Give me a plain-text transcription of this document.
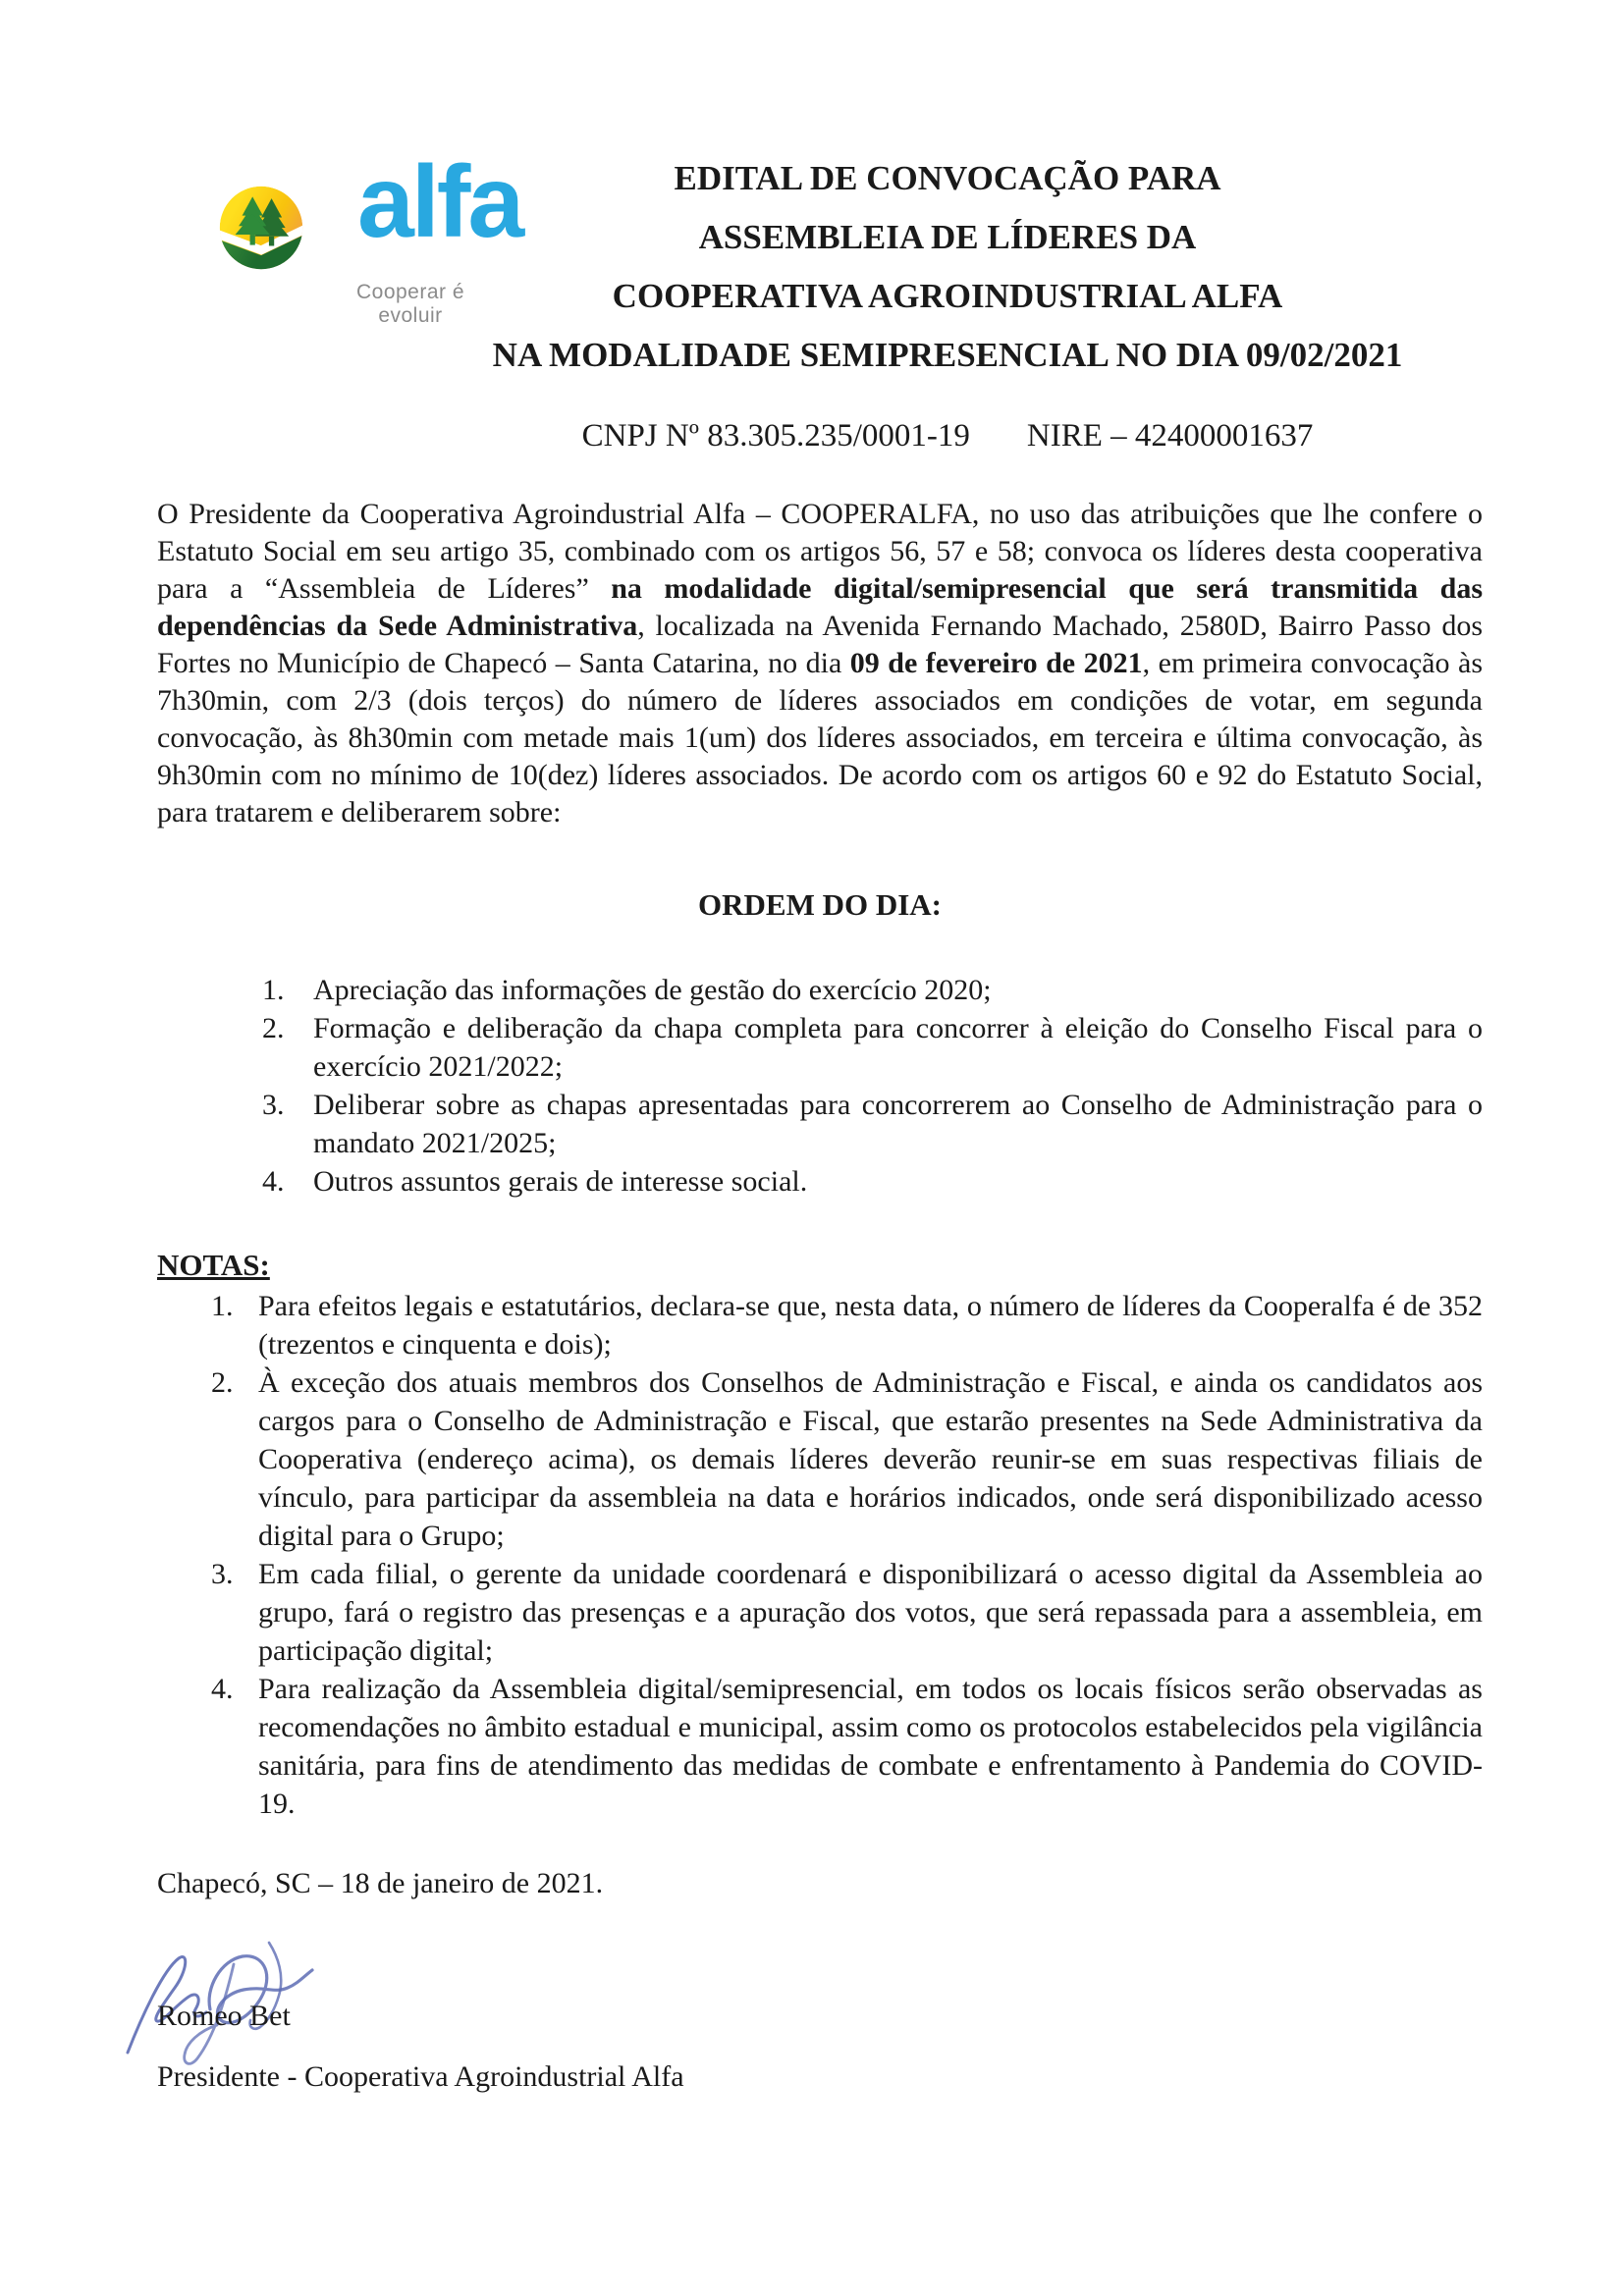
alfa
Cooperar é evoluir
EDITAL DE CONVOCAÇÃO PARA
ASSEMBLEIA DE LÍDERES DA
COOPERATIVA AGROINDUSTRIAL ALFA
NA MODALIDADE SEMIPRESENCIAL NO DIA 09/02/2021
CNPJ Nº 83.305.235/0001-19 NIRE – 42400001637

O Presidente da Cooperativa Agroindustrial Alfa – COOPERALFA, no uso das atribuições que lhe confere o Estatuto Social em seu artigo 35, combinado com os artigos 56, 57 e 58; convoca os líderes desta cooperativa para a “Assembleia de Líderes” na modalidade digital/semipresencial que será transmitida das dependências da Sede Administrativa, localizada na Avenida Fernando Machado, 2580D, Bairro Passo dos Fortes no Município de Chapecó – Santa Catarina, no dia 09 de fevereiro de 2021, em primeira convocação às 7h30min, com 2/3 (dois terços) do número de líderes associados em condições de votar, em segunda convocação, às 8h30min com metade mais 1(um) dos líderes associados, em terceira e última convocação, às 9h30min com no mínimo de 10(dez) líderes associados. De acordo com os artigos 60 e 92 do Estatuto Social, para tratarem e deliberarem sobre:

ORDEM DO DIA:
1. Apreciação das informações de gestão do exercício 2020;
2. Formação e deliberação da chapa completa para concorrer à eleição do Conselho Fiscal para o exercício 2021/2022;
3. Deliberar sobre as chapas apresentadas para concorrerem ao Conselho de Administração para o mandato 2021/2025;
4. Outros assuntos gerais de interesse social.
NOTAS:
1. Para efeitos legais e estatutários, declara-se que, nesta data, o número de líderes da Cooperalfa é de 352 (trezentos e cinquenta e dois);
2. À exceção dos atuais membros dos Conselhos de Administração e Fiscal, e ainda os candidatos aos cargos para o Conselho de Administração e Fiscal, que estarão presentes na Sede Administrativa da Cooperativa (endereço acima), os demais líderes deverão reunir-se em suas respectivas filiais de vínculo, para participar da assembleia na data e horários indicados, onde será disponibilizado acesso digital para o Grupo;
3. Em cada filial, o gerente da unidade coordenará e disponibilizará o acesso digital da Assembleia ao grupo, fará o registro das presenças e a apuração dos votos, que será repassada para a assembleia, em participação digital;
4. Para realização da Assembleia digital/semipresencial, em todos os locais físicos serão observadas as recomendações no âmbito estadual e municipal, assim como os protocolos estabelecidos pela vigilância sanitária, para fins de atendimento das medidas de combate e enfrentamento à Pandemia do COVID-19.

Chapecó, SC – 18 de janeiro de 2021.

Romeo Bet
Presidente - Cooperativa Agroindustrial Alfa
